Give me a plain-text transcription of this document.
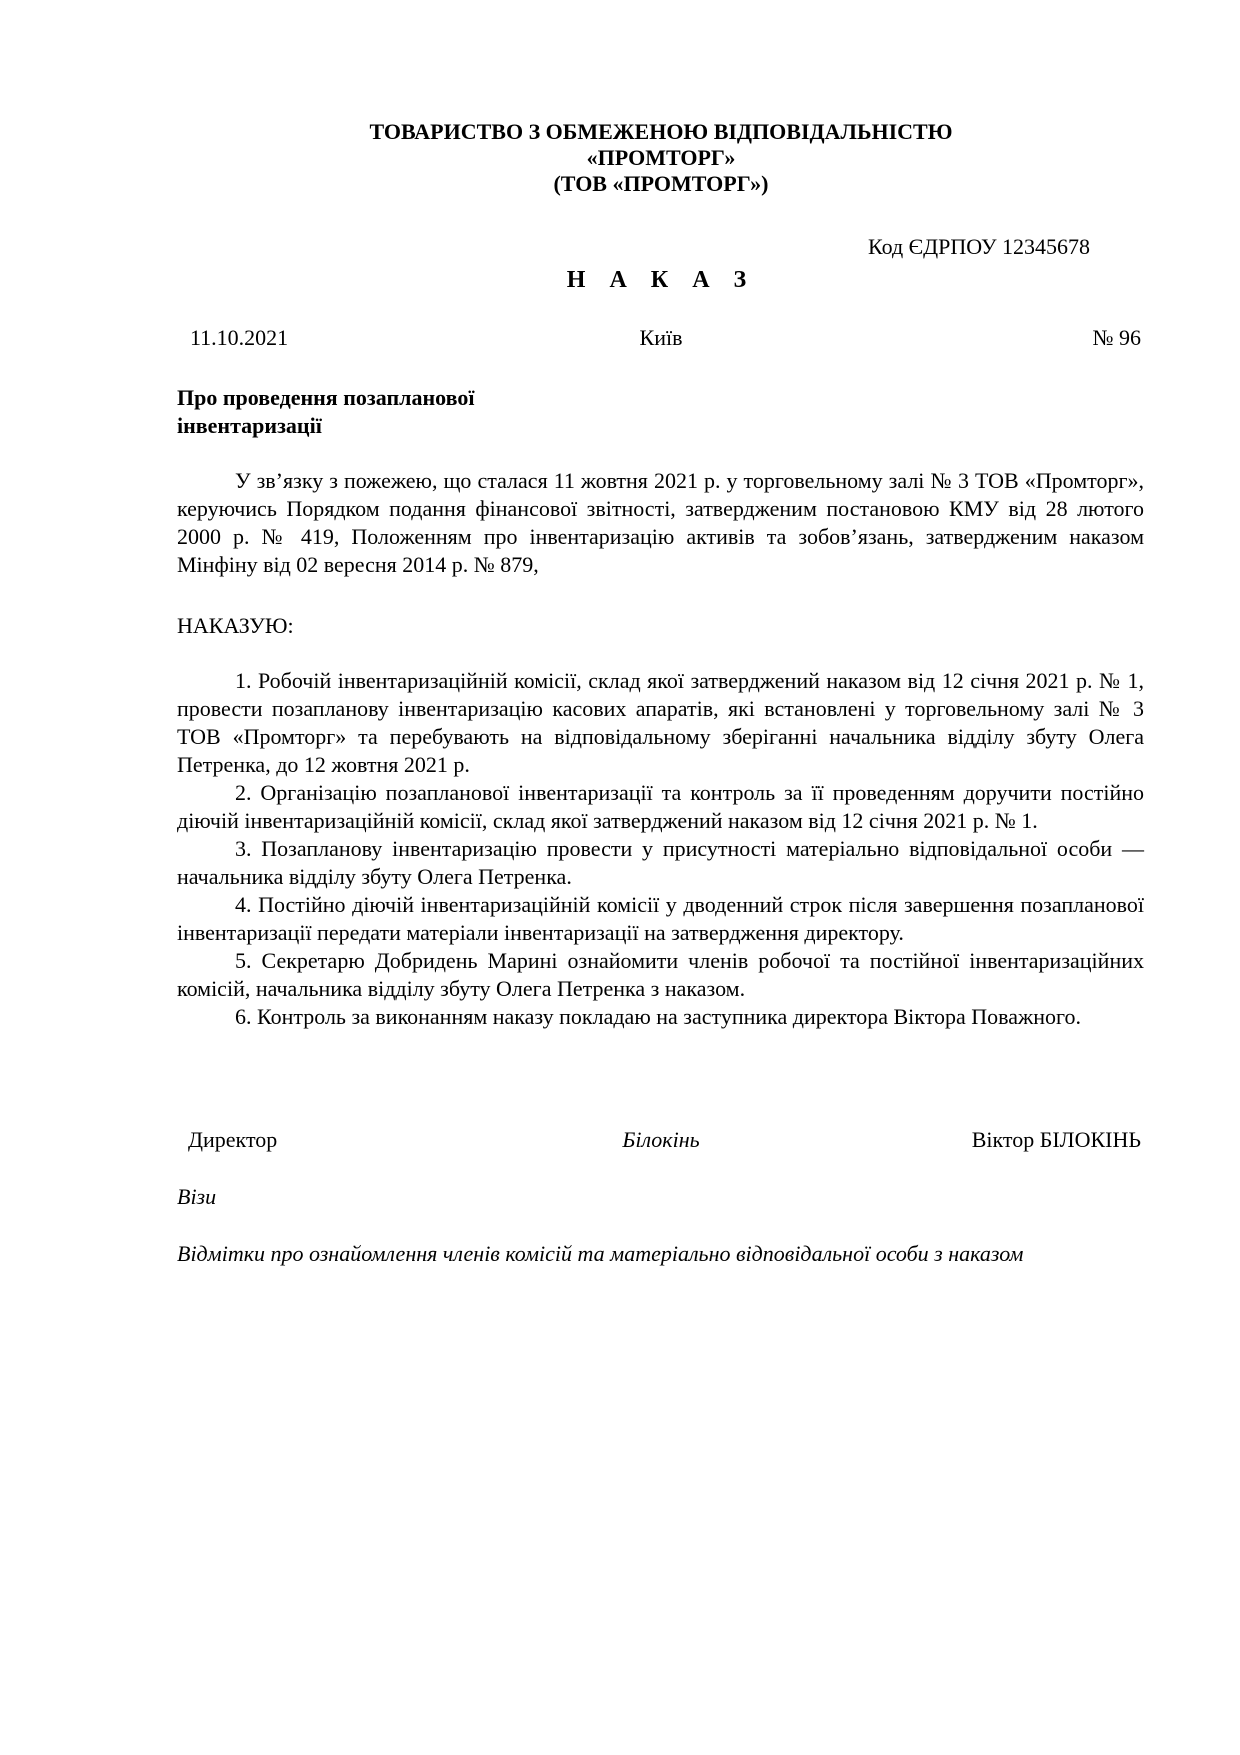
ТОВАРИСТВО З ОБМЕЖЕНОЮ ВІДПОВІДАЛЬНІСТЮ
«ПРОМТОРГ»
(ТОВ «ПРОМТОРГ»)
Код ЄДРПОУ 12345678
Н А К А З
11.10.2021	Київ	№ 96
Про проведення позапланової
інвентаризації

У зв’язку з пожежею, що сталася 11 жовтня 2021 р. у торговельному залі № 3 ТОВ «Промторг», керуючись Порядком подання фінансової звітності, затвердженим постановою КМУ від 28 лютого 2000 р. № 419, Положенням про інвентаризацію активів та зобов’язань, затвердженим наказом Мінфіну від 02 вересня 2014 р. № 879,

НАКАЗУЮ:

1. Робочій інвентаризаційній комісії, склад якої затверджений наказом від 12 січня 2021 р. № 1, провести позапланову інвентаризацію касових апаратів, які встановлені у торговельному залі № 3 ТОВ «Промторг» та перебувають на відповідальному зберіганні начальника відділу збуту Олега Петренка, до 12 жовтня 2021 р.

2. Організацію позапланової інвентаризації та контроль за її проведенням доручити постійно діючій інвентаризаційній комісії, склад якої затверджений наказом від 12 січня 2021 р. № 1.

3. Позапланову інвентаризацію провести у присутності матеріально відповідальної особи — начальника відділу збуту Олега Петренка.

4. Постійно діючій інвентаризаційній комісії у дводенний строк після завершення позапланової інвентаризації передати матеріали інвентаризації на затвердження директору.

5. Секретарю Добридень Марині ознайомити членів робочої та постійної інвентаризаційних комісій, начальника відділу збуту Олега Петренка з наказом.

6. Контроль за виконанням наказу покладаю на заступника директора Віктора Поважного.

Директор	Білокінь	Віктор БІЛОКІНЬ
Візи
Відмітки про ознайомлення членів комісій та матеріально відповідальної особи з наказом
